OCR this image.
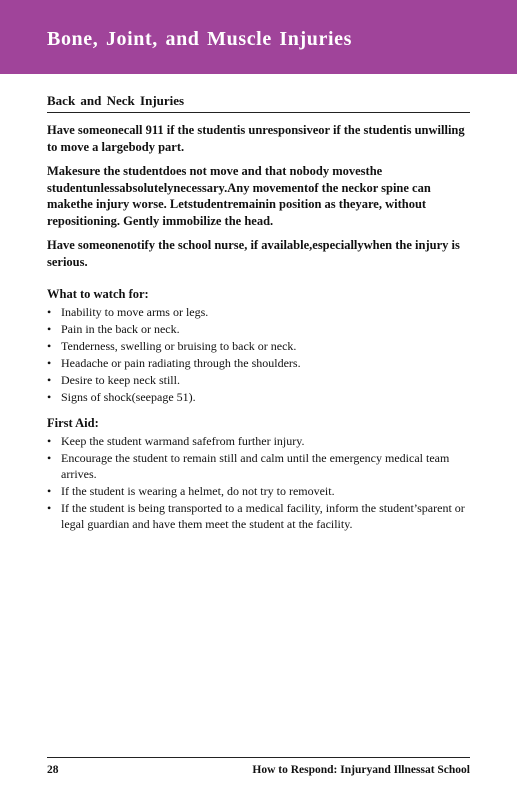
Bone, Joint, and Muscle Injuries
Back and Neck Injuries

Have someonecall 911 if the studentis unresponsiveor if the studentis unwilling to move a largebody part.

Makesure the studentdoes not move and that nobody movesthe studentunlessabsolutelynecessary.Any movementof the neckor spine can makethe injury worse. Letstudentremainin position as theyare, without repositioning. Gently immobilize the head.

Have someonenotify the school nurse, if available,especiallywhen the injury is serious.

What to watch for:
• Inability to move arms or legs.
• Pain in the back or neck.
• Tenderness, swelling or bruising to back or neck.
• Headache or pain radiating through the shoulders.
• Desire to keep neck still.
• Signs of shock(seepage 51).
First Aid:
• Keep the student warmand safefrom further injury.
• Encourage the student to remain still and calm until the emergency medical team arrives.
• If the student is wearing a helmet, do not try to removeit.
• If the student is being transported to a medical facility, inform the student’sparent or legal guardian and have them meet the student at the facility.
28	How to Respond: Injuryand Illnessat School
